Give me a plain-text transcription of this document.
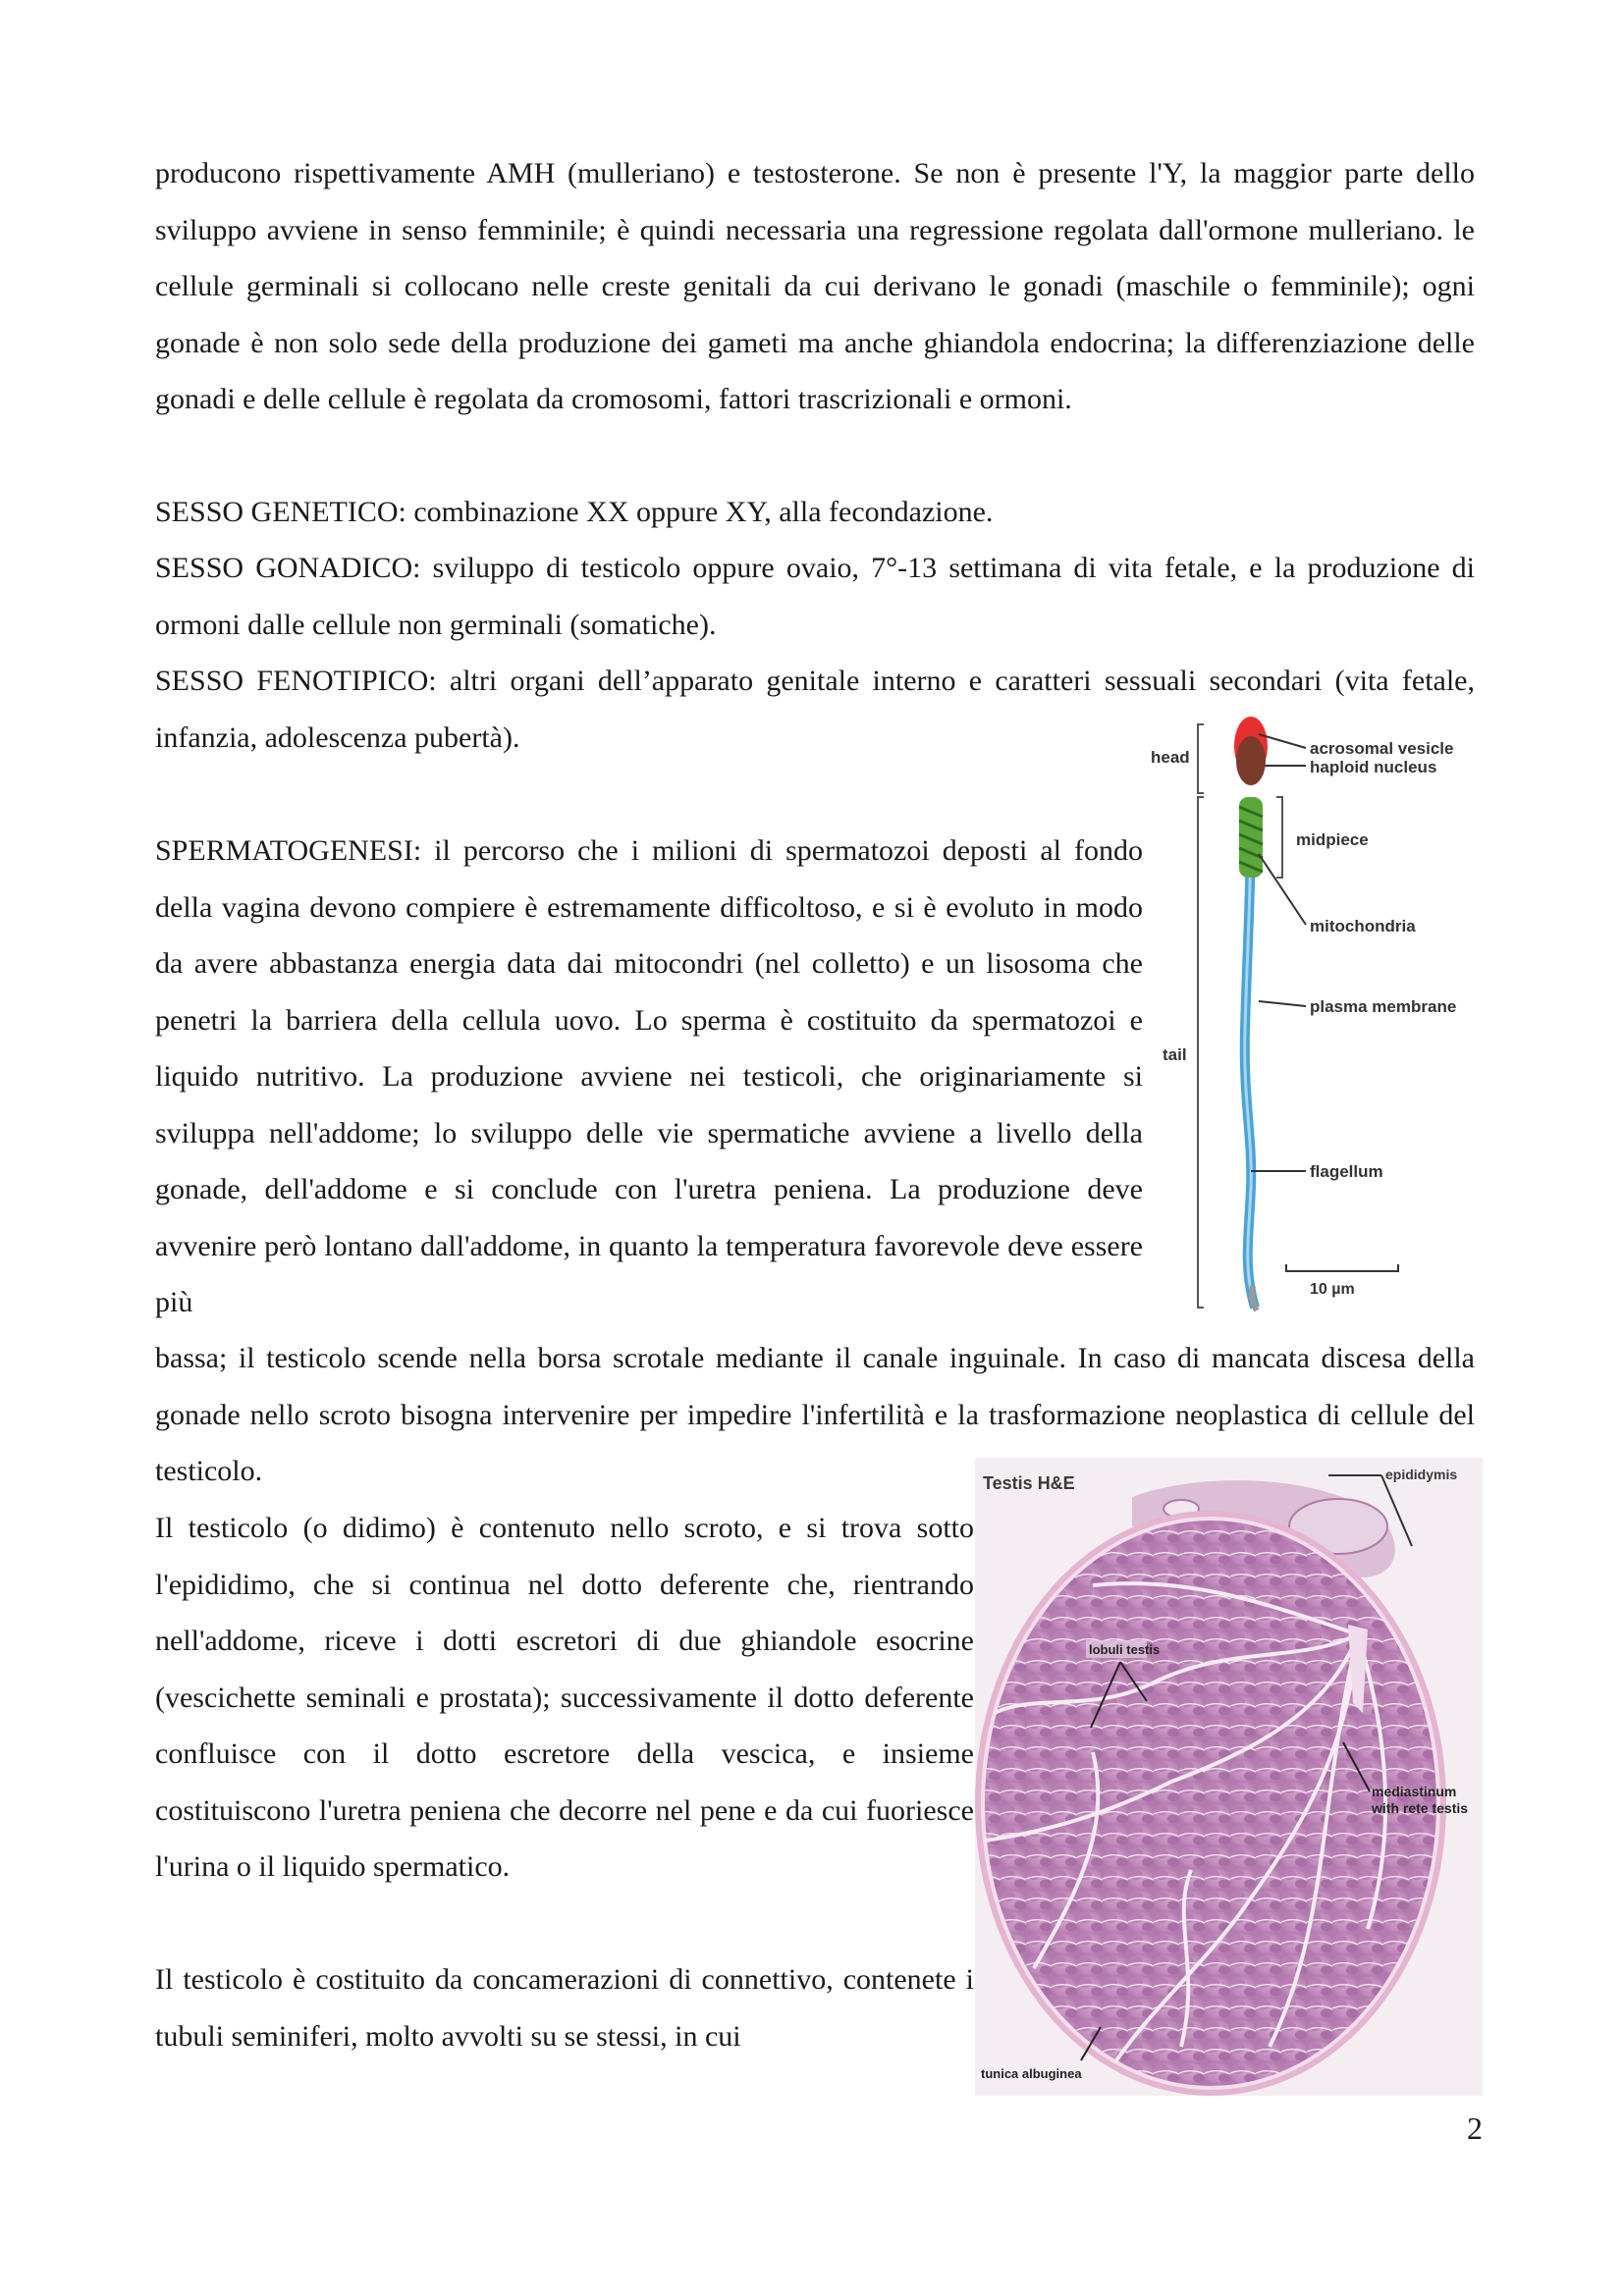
producono rispettivamente AMH (mulleriano) e testosterone. Se non è presente l'Y, la maggior parte dello sviluppo avviene in senso femminile; è quindi necessaria una regressione regolata dall'ormone mulleriano. le cellule germinali si collocano nelle creste genitali da cui derivano le gonadi (maschile o femminile); ogni gonade è non solo sede della produzione dei gameti ma anche ghiandola endocrina; la differenziazione delle gonadi e delle cellule è regolata da cromosomi, fattori trascrizionali e ormoni.

SESSO GENETICO: combinazione XX oppure XY, alla fecondazione.

SESSO GONADICO: sviluppo di testicolo oppure ovaio, 7°-13 settimana di vita fetale, e la produzione di ormoni dalle cellule non germinali (somatiche).

SESSO FENOTIPICO: altri organi dell’apparato genitale interno e caratteri sessuali secondari (vita fetale, infanzia, adolescenza pubertà).

SPERMATOGENESI: il percorso che i milioni di spermatozoi deposti al fondo della vagina devono compiere è estremamente difficoltoso, e si è evoluto in modo da avere abbastanza energia data dai mitocondri (nel colletto) e un lisosoma che penetri la barriera della cellula uovo. Lo sperma è costituito da spermatozoi e liquido nutritivo. La produzione avviene nei testicoli, che originariamente si sviluppa nell'addome; lo sviluppo delle vie spermatiche avviene a livello della gonade, dell'addome e si conclude con l'uretra peniena. La produzione deve avvenire però lontano dall'addome, in quanto la temperatura favorevole deve essere più

bassa; il testicolo scende nella borsa scrotale mediante il canale inguinale. In caso di mancata discesa della gonade nello scroto bisogna intervenire per impedire l'infertilità e la trasformazione neoplastica di cellule del testicolo.

Il testicolo (o didimo) è contenuto nello scroto, e si trova sotto l'epididimo, che si continua nel dotto deferente che, rientrando nell'addome, riceve i dotti escretori di due ghiandole esocrine (vescichette seminali e prostata); successivamente il dotto deferente confluisce con il dotto escretore della vescica, e insieme costituiscono l'uretra peniena che decorre nel pene e da cui fuoriesce l'urina o il liquido spermatico.

Il testicolo è costituito da concamerazioni di connettivo, contenete i tubuli seminiferi, molto avvolti su se stessi, in cui

head
tail
acrosomal vesicle
haploid nucleus
midpiece
mitochondria
plasma membrane
flagellum
10 µm
Testis H&E	epididymis
lobuli testis
mediastinum
with rete testis
tunica albuginea

2
